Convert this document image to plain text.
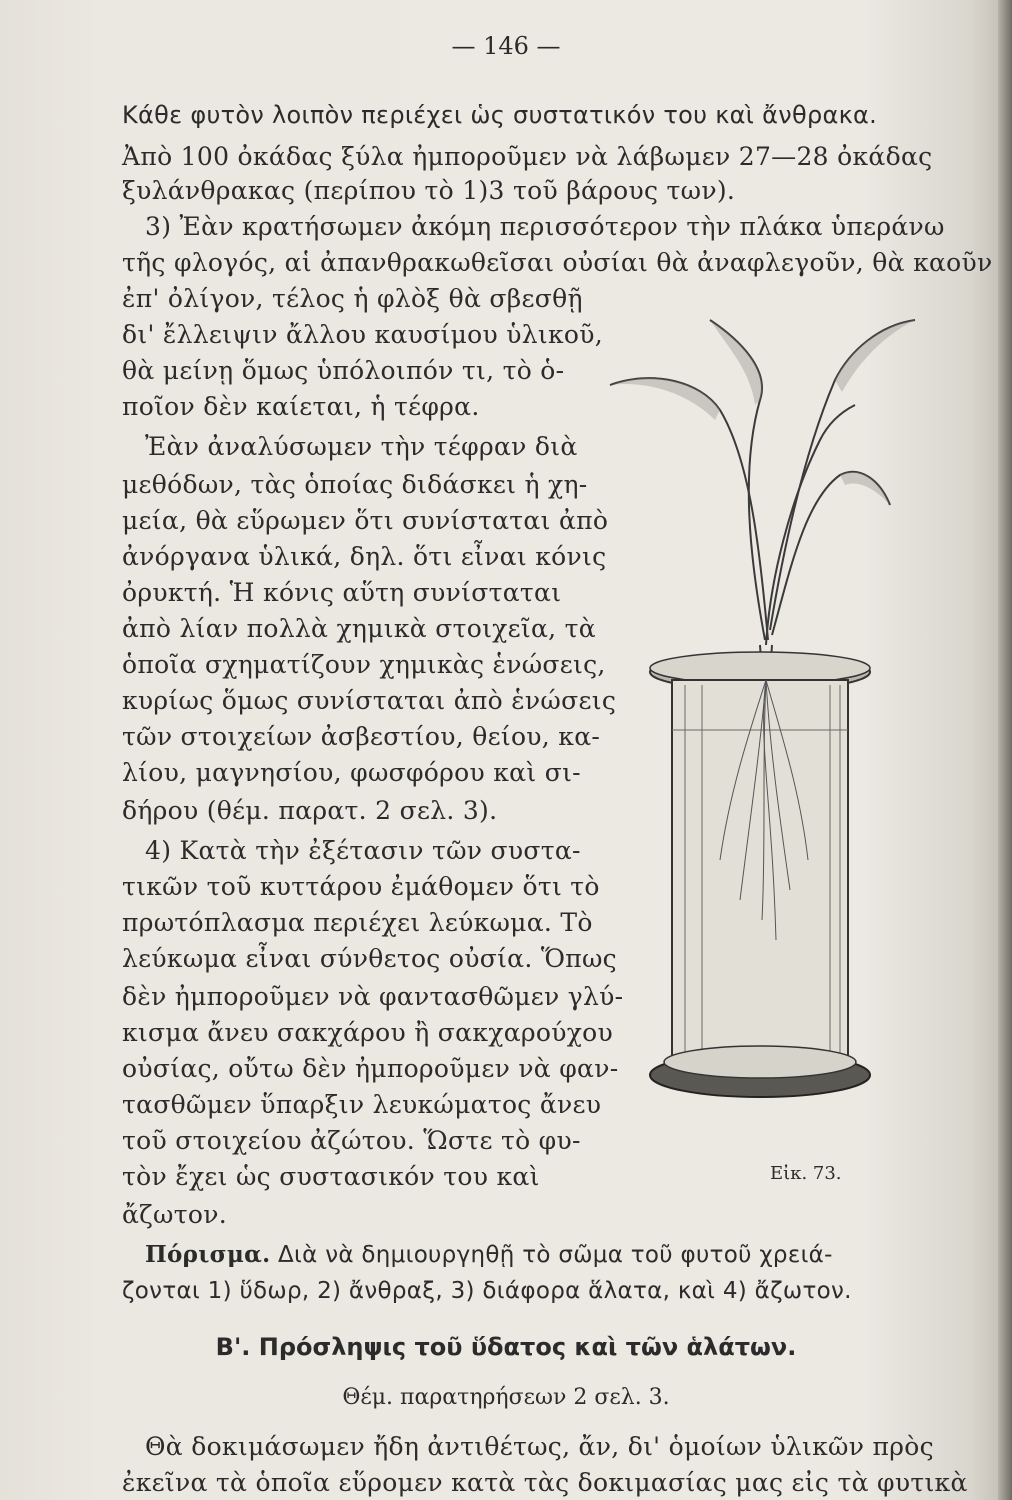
— 146 —
Κάθε φυτὸν λοιπὸν περιέχει ὡς συστατικόν του καὶ ἄνθρακα.
Ἀπὸ 100 ὀκάδας ξύλα ἠμποροῦμεν νὰ λάβωμεν 27—28 ὀκάδας
ξυλάνθρακας (περίπου τὸ 1)3 τοῦ βάρους των).
3) Ἐὰν κρατήσωμεν ἀκόμη περισσότερον τὴν πλάκα ὑπεράνω
τῆς φλογός, αἱ ἀπανθρακωθεῖσαι οὐσίαι θὰ ἀναφλεγοῦν, θὰ καοῦν
ἐπ' ὀλίγον, τέλος ἡ φλὸξ θὰ σβεσθῇ
δι' ἔλλειψιν ἄλλου καυσίμου ὑλικοῦ,
θὰ μείνῃ ὅμως ὑπόλοιπόν τι, τὸ ὁ-
ποῖον δὲν καίεται, ἡ τέφρα.
Ἐὰν ἀναλύσωμεν τὴν τέφραν διὰ
μεθόδων, τὰς ὁποίας διδάσκει ἡ χη-
μεία, θὰ εὕρωμεν ὅτι συνίσταται ἀπὸ
ἀνόργανα ὑλικά, δηλ. ὅτι εἶναι κόνις
ὀρυκτή. Ἡ κόνις αὕτη συνίσταται
ἀπὸ λίαν πολλὰ χημικὰ στοιχεῖα, τὰ
ὁποῖα σχηματίζουν χημικὰς ἑνώσεις,
κυρίως ὅμως συνίσταται ἀπὸ ἑνώσεις
τῶν στοιχείων ἀσβεστίου, θείου, κα-
λίου, μαγνησίου, φωσφόρου καὶ σι-
δήρου (θέμ. παρατ. 2 σελ. 3).
4) Κατὰ τὴν ἐξέτασιν τῶν συστα-
τικῶν τοῦ κυττάρου ἐμάθομεν ὅτι τὸ
πρωτόπλασμα περιέχει λεύκωμα. Τὸ
λεύκωμα εἶναι σύνθετος οὐσία. Ὅπως
δὲν ἠμποροῦμεν νὰ φαντασθῶμεν γλύ-
κισμα ἄνευ σακχάρου ἢ σακχαρούχου
οὐσίας, οὔτω δὲν ἠμποροῦμεν νὰ φαν-
τασθῶμεν ὕπαρξιν λευκώματος ἄνευ
τοῦ στοιχείου ἀζώτου. Ὥστε τὸ φυ-
τὸν ἔχει ὡς συστασικόν του καὶ
ἄζωτον.
Πόρισμα. Διὰ νὰ δημιουργηθῇ τὸ σῶμα τοῦ φυτοῦ χρειά-
ζονται 1) ὕδωρ, 2) ἄνθραξ, 3) διάφορα ἅλατα, καὶ 4) ἄζωτον.
Β'. Πρόσληψις τοῦ ὕδατος καὶ τῶν ἁλάτων.
Θέμ. παρατηρήσεων 2 σελ. 3.
Θὰ δοκιμάσωμεν ἤδη ἀντιθέτως, ἄν, δι' ὁμοίων ὑλικῶν πρὸς
ἐκεῖνα τὰ ὁποῖα εὕρομεν κατὰ τὰς δοκιμασίας μας εἰς τὰ φυτικὰ
Εἰκ. 73.
